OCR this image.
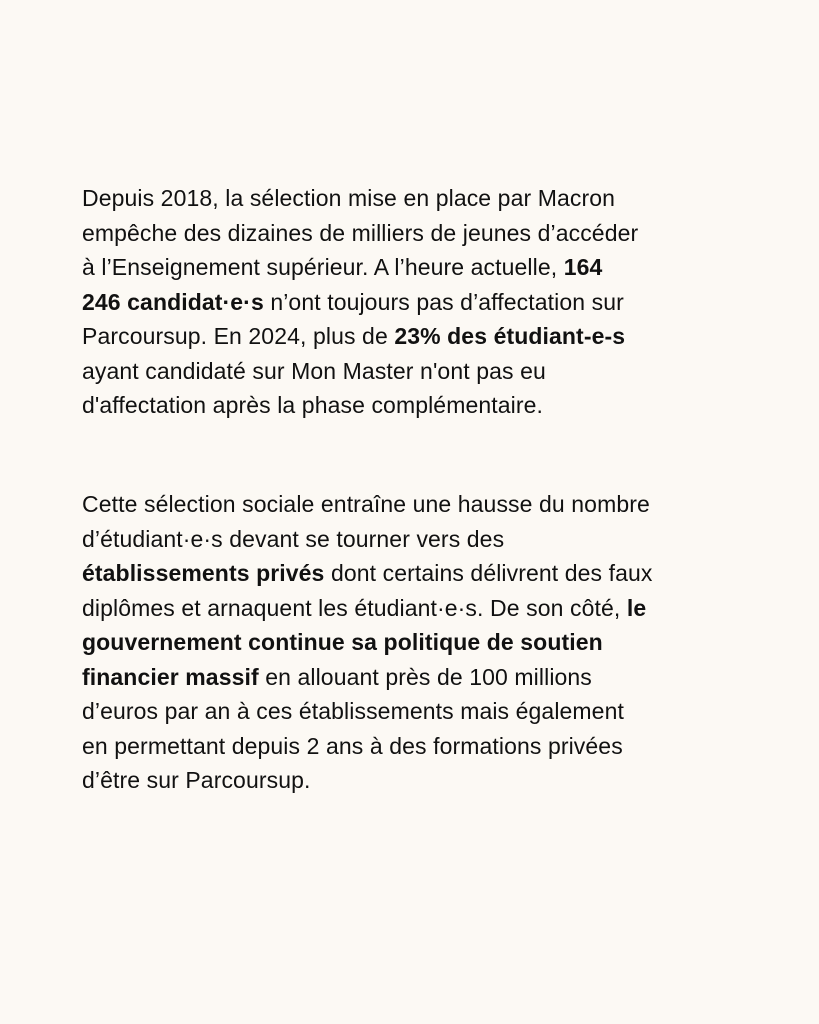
Depuis 2018, la sélection mise en place par Macron
empêche des dizaines de milliers de jeunes d’accéder
à l’Enseignement supérieur. A l’heure actuelle, 164
246 candidat·e·s n’ont toujours pas d’affectation sur
Parcoursup. En 2024, plus de 23% des étudiant-e-s
ayant candidaté sur Mon Master n'ont pas eu
d'affectation après la phase complémentaire.

Cette sélection sociale entraîne une hausse du nombre
d’étudiant·e·s devant se tourner vers des
établissements privés dont certains délivrent des faux
diplômes et arnaquent les étudiant·e·s. De son côté, le
gouvernement continue sa politique de soutien
financier massif en allouant près de 100 millions
d’euros par an à ces établissements mais également
en permettant depuis 2 ans à des formations privées
d’être sur Parcoursup.
